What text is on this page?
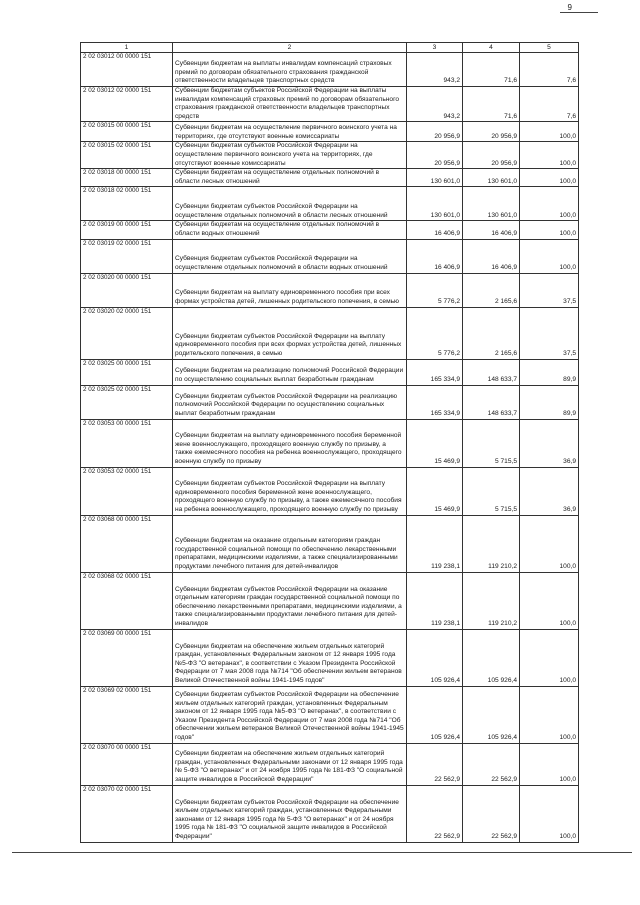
9
1	2	3	4	5
2 02 03012 00 0000 151	Субвенции бюджетам на выплаты инвалидам компенсаций страховых премий по договорам обязательного страхования гражданской ответственности владельцев транспортных средств	943,2	71,6	7,6
2 02 03012 02 0000 151	Субвенции бюджетам субъектов Российской Федерации на выплаты инвалидам компенсаций страховых премий по договорам обязательного страхования гражданской ответственности владельцев транспортных средств	943,2	71,6	7,6
2 02 03015 00 0000 151	Субвенции бюджетам на осуществление первичного воинского учета на территориях, где отсутствуют военные комиссариаты	20 956,9	20 956,9	100,0
2 02 03015 02 0000 151	Субвенции бюджетам субъектов Российской Федерации на осуществление первичного воинского учета на территориях, где отсутствуют военные комиссариаты	20 956,9	20 956,9	100,0
2 02 03018 00 0000 151	Субвенции бюджетам на осуществление отдельных полномочий в области лесных отношений	130 601,0	130 601,0	100,0
2 02 03018 02 0000 151	Субвенции бюджетам субъектов Российской Федерации на осуществление отдельных полномочий в области лесных отношений	130 601,0	130 601,0	100,0
2 02 03019 00 0000 151	Субвенции бюджетам на осуществление отдельных полномочий в области водных отношений	16 406,9	16 406,9	100,0
2 02 03019 02 0000 151	Субвенция бюджетам субъектов Российской Федерации на осуществление отдельных полномочий в области водных отношений	16 406,9	16 406,9	100,0
2 02 03020 00 0000 151	Субвенции бюджетам на выплату единовременного пособия при всех формах устройства детей, лишенных родительского попечения, в семью	5 776,2	2 165,6	37,5
2 02 03020 02 0000 151	Субвенции бюджетам субъектов Российской Федерации на выплату единовременного пособия при всех формах устройства детей, лишенных родительского попечения, в семью	5 776,2	2 165,6	37,5
2 02 03025 00 0000 151	Субвенции бюджетам на реализацию полномочий Российской Федерации по осуществлению социальных выплат безработным гражданам	165 334,9	148 633,7	89,9
2 02 03025 02 0000 151	Субвенции бюджетам субъектов Российской Федерации на реализацию полномочий Российской Федерации по осуществлению социальных выплат безработным гражданам	165 334,9	148 633,7	89,9
2 02 03053 00 0000 151	Субвенции бюджетам на выплату единовременного пособия беременной жене военнослужащего, проходящего военную службу по призыву, а также ежемесячного пособия на ребенка военнослужащего, проходящего военную службу по призыву	15 469,9	5 715,5	36,9
2 02 03053 02 0000 151	Субвенции бюджетам субъектов Российской Федерации на выплату единовременного пособия беременной жене военнослужащего, проходящего военную службу по призыву, а также ежемесячного пособия на ребенка военнослужащего, проходящего военную службу по призыву	15 469,9	5 715,5	36,9
2 02 03068 00 0000 151	Субвенции бюджетам на оказание отдельным категориям граждан государственной социальной помощи по обеспечению лекарственными препаратами, медицинскими изделиями, а также специализированными продуктами лечебного питания для детей-инвалидов	119 238,1	119 210,2	100,0
2 02 03068 02 0000 151	Субвенции бюджетам субъектов Российской Федерации на оказание отдельным категориям граждан государственной социальной помощи по обеспечению лекарственными препаратами, медицинскими изделиями, а также специализированными продуктами лечебного питания для детей-инвалидов	119 238,1	119 210,2	100,0
2 02 03069 00 0000 151	Субвенции бюджетам на обеспечение жильем отдельных категорий граждан, установленных Федеральным законом от 12 января 1995 года №5-ФЗ "О ветеранах", в соответствии с Указом Президента Российской Федерации от 7 мая 2008 года №714 "Об обеспечении жильем ветеранов Великой Отечественной войны 1941-1945 годов"	105 926,4	105 926,4	100,0
2 02 03069 02 0000 151	Субвенции бюджетам субъектов Российской Федерации на обеспечение жильем отдельных категорий граждан, установленных Федеральным законом от 12 января 1995 года №5-ФЗ "О ветеранах", в соответствии с Указом Президента Российской Федерации от 7 мая 2008 года №714 "Об обеспечении жильем ветеранов Великой Отечественной войны 1941-1945 годов"	105 926,4	105 926,4	100,0
2 02 03070 00 0000 151	Субвенции бюджетам на обеспечение жильем отдельных категорий граждан, установленных Федеральными законами от 12 января 1995 года № 5-ФЗ "О ветеранах" и от 24 ноября 1995 года № 181-ФЗ "О социальной защите инвалидов в Российской Федерации"	22 562,9	22 562,9	100,0
2 02 03070 02 0000 151	Субвенции бюджетам субъектов Российской Федерации на обеспечение жильем отдельных категорий граждан, установленных Федеральными законами от 12 января 1995 года № 5-ФЗ "О ветеранах" и от 24 ноября 1995 года № 181-ФЗ "О социальной защите инвалидов в Российской Федерации"	22 562,9	22 562,9	100,0
